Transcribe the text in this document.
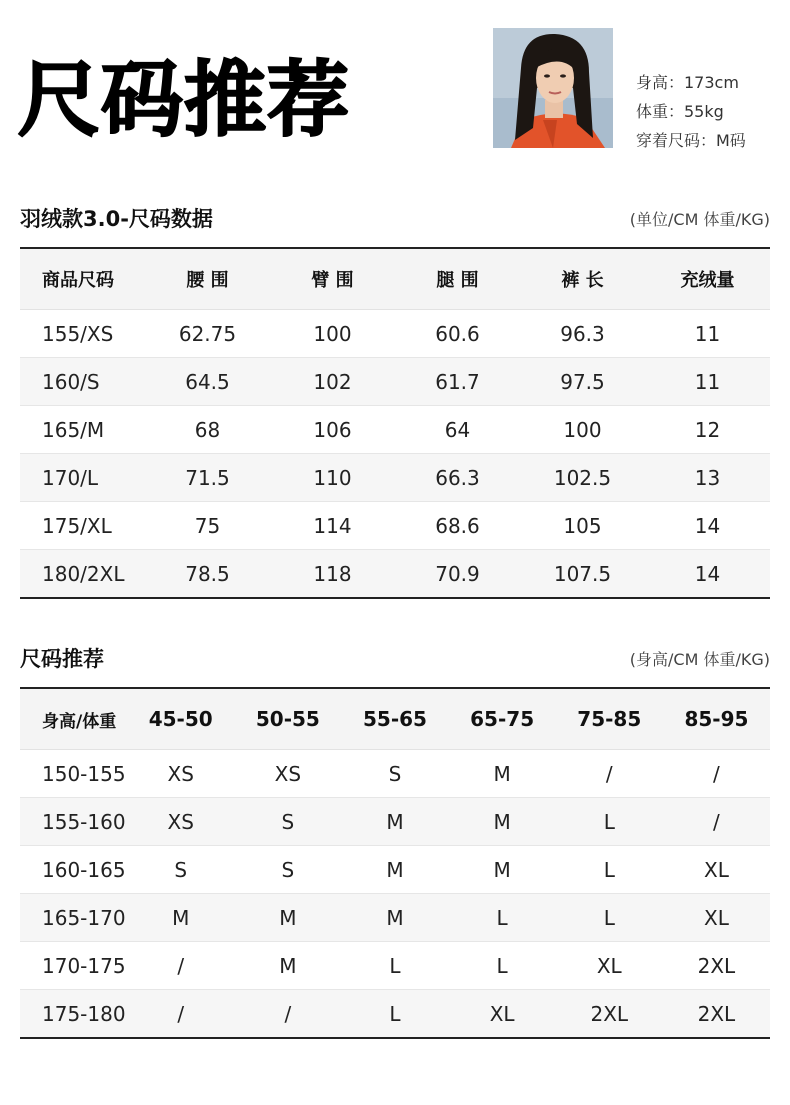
尺码推荐	身高：173cm
体重：55kg
穿着尺码：M码
羽绒款3.0-尺码数据	(单位/CM 体重/KG)
商品尺码	腰 围	臂 围	腿 围	裤 长	充绒量
155/XS	62.75	100	60.6	96.3	11
160/S	64.5	102	61.7	97.5	11
165/M	68	106	64	100	12
170/L	71.5	110	66.3	102.5	13
175/XL	75	114	68.6	105	14
180/2XL	78.5	118	70.9	107.5	14
尺码推荐	(身高/CM 体重/KG)
身高/体重	45-50	50-55	55-65	65-75	75-85	85-95
150-155	XS	XS	S	M	/	/
155-160	XS	S	M	M	L	/
160-165	S	S	M	M	L	XL
165-170	M	M	M	L	L	XL
170-175	/	M	L	L	XL	2XL
175-180	/	/	L	XL	2XL	2XL
